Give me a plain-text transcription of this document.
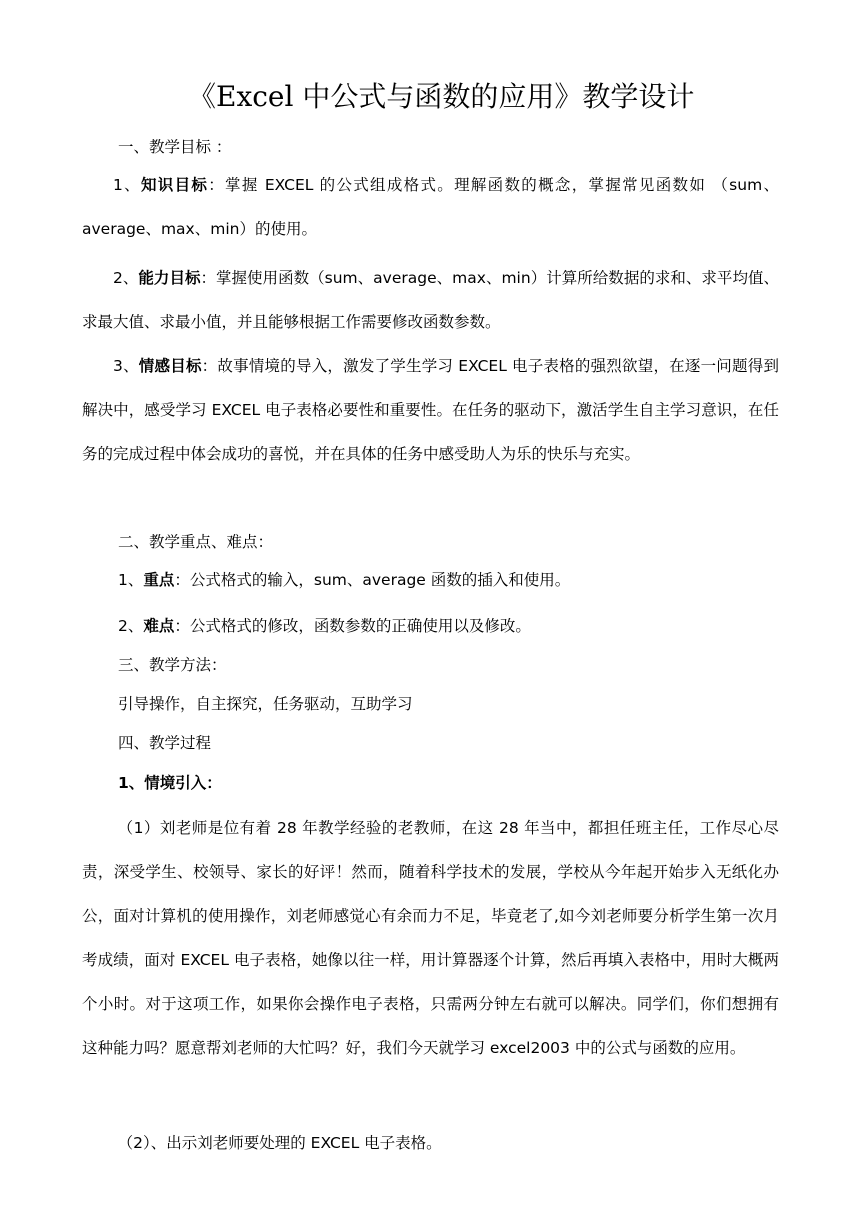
《Excel 中公式与函数的应用》教学设计
一、教学目标 ：

1、知识目标：掌握 EXCEL 的公式组成格式。理解函数的概念，掌握常见函数如 （sum、average、max、min）的使用。

2、能力目标：掌握使用函数（sum、average、max、min）计算所给数据的求和、求平均值、求最大值、求最小值，并且能够根据工作需要修改函数参数。

3、情感目标：故事情境的导入，激发了学生学习 EXCEL 电子表格的强烈欲望，在逐一问题得到解决中，感受学习 EXCEL 电子表格必要性和重要性。在任务的驱动下，激活学生自主学习意识，在任务的完成过程中体会成功的喜悦，并在具体的任务中感受助人为乐的快乐与充实。

二、教学重点、难点：
1、重点：公式格式的输入，sum、average 函数的插入和使用。
2、难点：公式格式的修改，函数参数的正确使用以及修改。
三、教学方法：
引导操作，自主探究，任务驱动，互助学习
四、教学过程
1、情境引入：

（1）刘老师是位有着 28 年教学经验的老教师，在这 28 年当中，都担任班主任，工作尽心尽责，深受学生、校领导、家长的好评！然而，随着科学技术的发展，学校从今年起开始步入无纸化办公，面对计算机的使用操作，刘老师感觉心有余而力不足，毕竟老了,如今刘老师要分析学生第一次月考成绩，面对 EXCEL 电子表格，她像以往一样，用计算器逐个计算，然后再填入表格中，用时大概两个小时。对于这项工作，如果你会操作电子表格，只需两分钟左右就可以解决。同学们，你们想拥有这种能力吗？愿意帮刘老师的大忙吗？好，我们今天就学习 excel2003 中的公式与函数的应用。

（2）、出示刘老师要处理的 EXCEL 电子表格。
